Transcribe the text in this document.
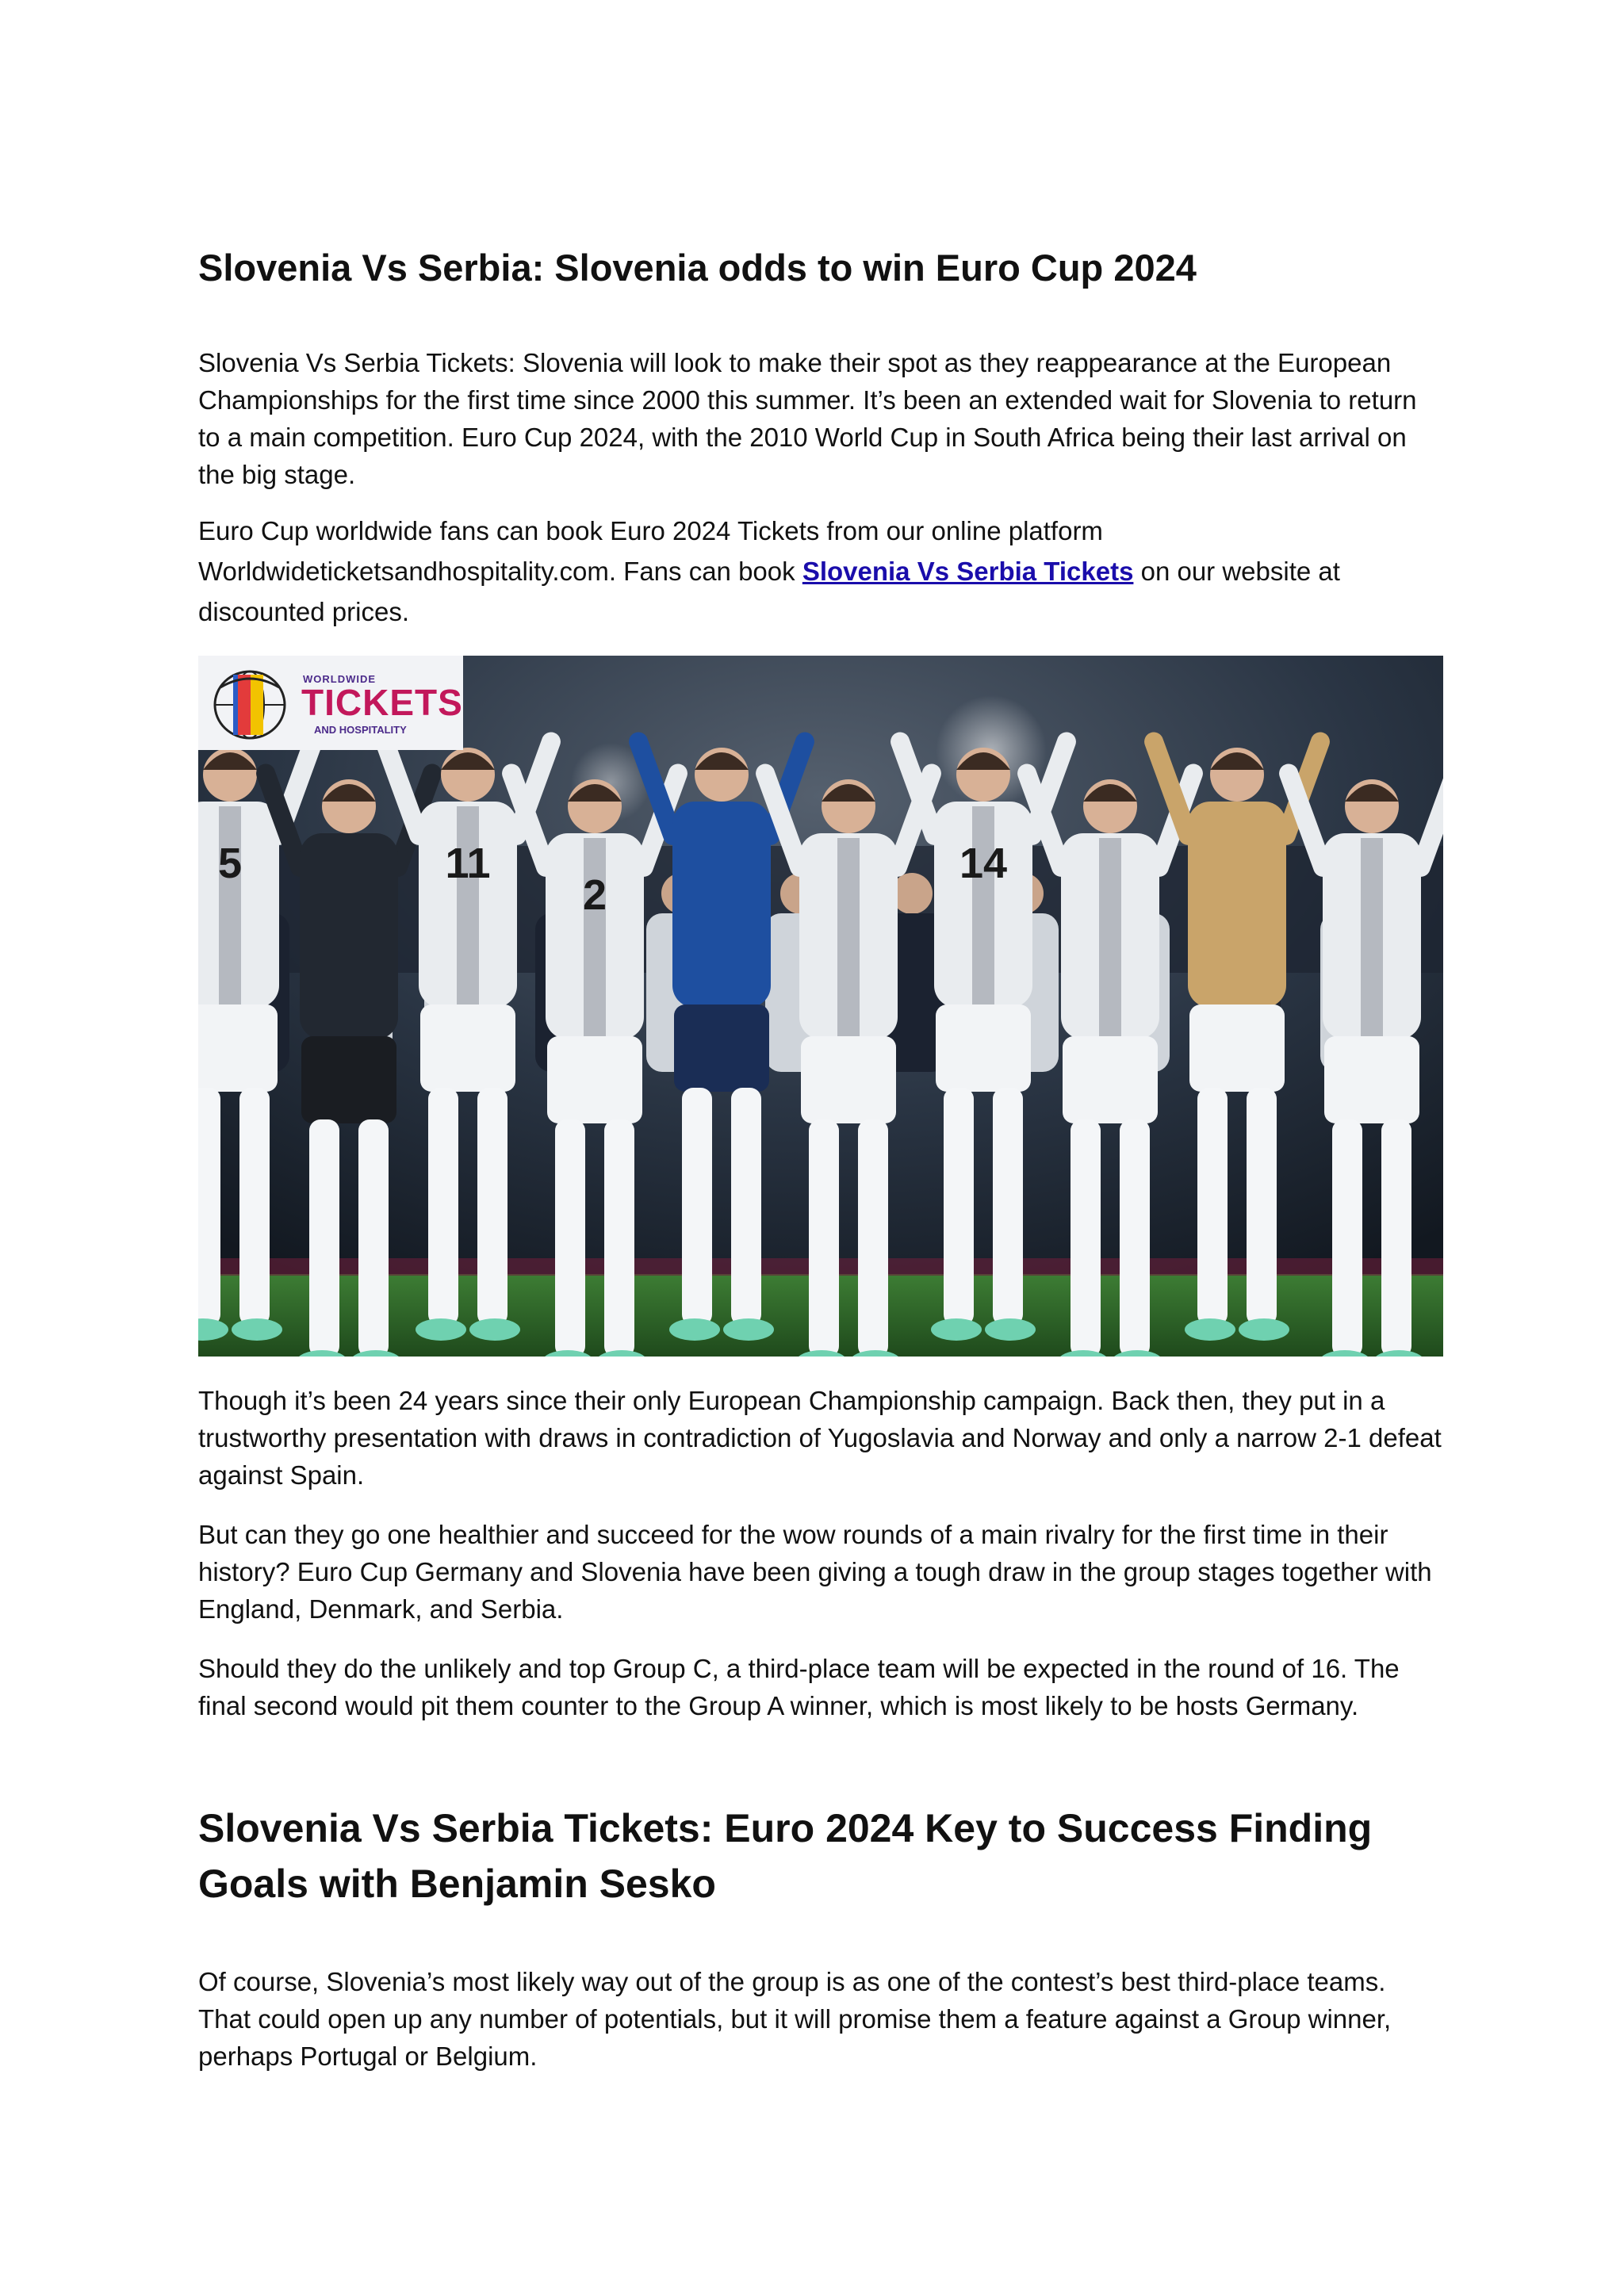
Slovenia Vs Serbia: Slovenia odds to win Euro Cup 2024

Slovenia Vs Serbia Tickets: Slovenia will look to make their spot as they reappearance at the European Championships for the first time since 2000 this summer. It’s been an extended wait for Slovenia to return to a main competition. Euro Cup 2024, with the 2010 World Cup in South Africa being their last arrival on the big stage.

Euro Cup worldwide fans can book Euro 2024 Tickets from our online platform Worldwideticketsandhospitality.com. Fans can book Slovenia Vs Serbia Tickets on our website at discounted prices.

5	11
2
14
WORLDWIDE
TICKETS
AND HOSPITALITY

Though it’s been 24 years since their only European Championship campaign. Back then, they put in a trustworthy presentation with draws in contradiction of Yugoslavia and Norway and only a narrow 2-1 defeat against Spain.

But can they go one healthier and succeed for the wow rounds of a main rivalry for the first time in their history? Euro Cup Germany and Slovenia have been giving a tough draw in the group stages together with England, Denmark, and Serbia.

Should they do the unlikely and top Group C, a third-place team will be expected in the round of 16. The final second would pit them counter to the Group A winner, which is most likely to be hosts Germany.

Slovenia Vs Serbia Tickets: Euro 2024 Key to Success Finding Goals with Benjamin Sesko

Of course, Slovenia’s most likely way out of the group is as one of the contest’s best third-place teams. That could open up any number of potentials, but it will promise them a feature against a Group winner, perhaps Portugal or Belgium.
